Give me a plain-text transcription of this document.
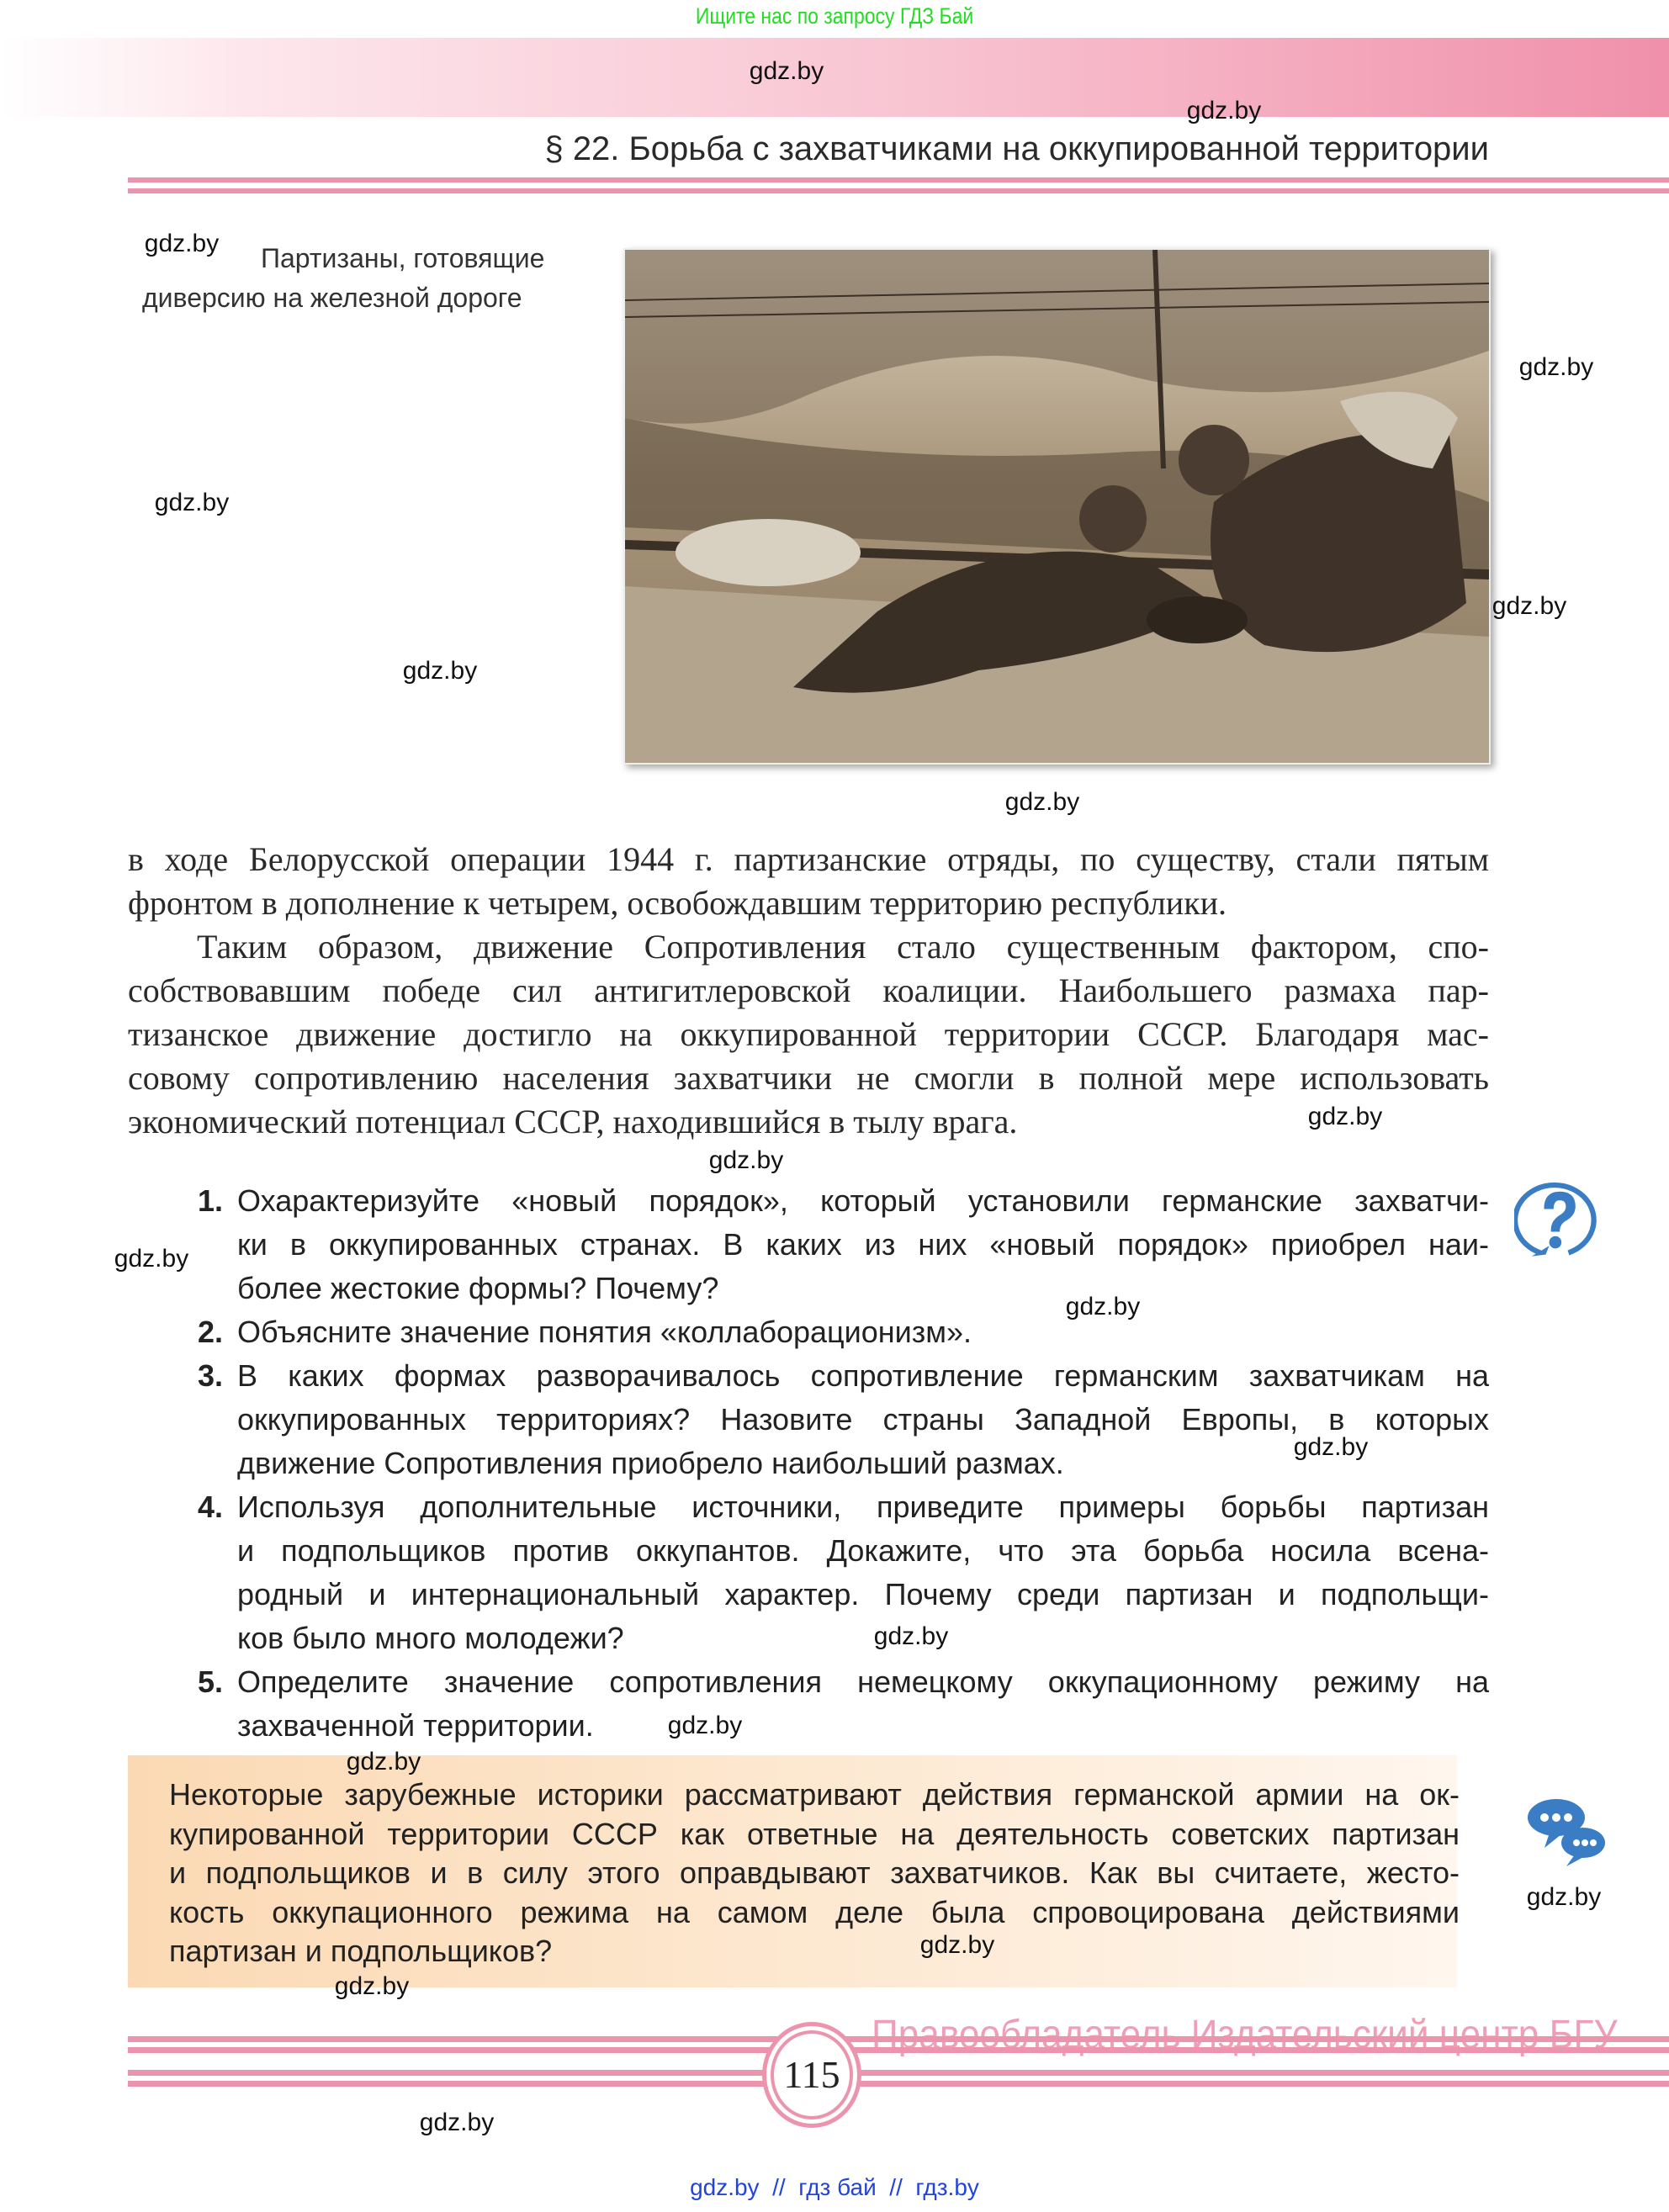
Ищите нас по запросу ГДЗ Бай
§ 22. Борьба с захватчиками на оккупированной территории
Партизаны, готовящие
диверсию на железной дороге
в ходе Белорусской операции 1944 г. партизанские отряды, по существу, стали пятым
фронтом в дополнение к четырем, освобождавшим территорию республики.
Таким образом, движение Сопротивления стало существенным фактором, спо-
собствовавшим победе сил антигитлеровской коалиции. Наибольшего размаха пар-
тизанское движение достигло на оккупированной территории СССР. Благодаря мас-
совому сопротивлению населения захватчики не смогли в полной мере использовать
экономический потенциал СССР, находившийся в тылу врага.
1. Охарактеризуйте «новый порядок», который установили германские захватчи-
ки в оккупированных странах. В каких из них «новый порядок» приобрел наи-
более жестокие формы? Почему?
2. Объясните значение понятия «коллаборационизм».
3. В каких формах разворачивалось сопротивление германским захватчикам на
оккупированных территориях? Назовите страны Западной Европы, в которых
движение Сопротивления приобрело наибольший размах.
4. Используя дополнительные источники, приведите примеры борьбы партизан
и подпольщиков против оккупантов. Докажите, что эта борьба носила всена-
родный и интернациональный характер. Почему среди партизан и подпольщи-
ков было много молодежи?
5. Определите значение сопротивления немецкому оккупационному режиму на
захваченной территории.
Некоторые зарубежные историки рассматривают действия германской армии на ок-
купированной территории СССР как ответные на деятельность советских партизан
и подпольщиков и в силу этого оправдывают захватчиков. Как вы считаете, жесто-
кость оккупационного режима на самом деле была спровоцирована действиями
партизан и подпольщиков?
115
Правообладатель Издательский центр БГУ
gdz.by  //  гдз бай  //  гдз.by
gdz.by
gdz.by
gdz.by
gdz.by
gdz.by
gdz.by
gdz.by
gdz.by
gdz.by
gdz.by
gdz.by
gdz.by
gdz.by
gdz.by
gdz.by
gdz.by
gdz.by
gdz.by
gdz.by
gdz.by
